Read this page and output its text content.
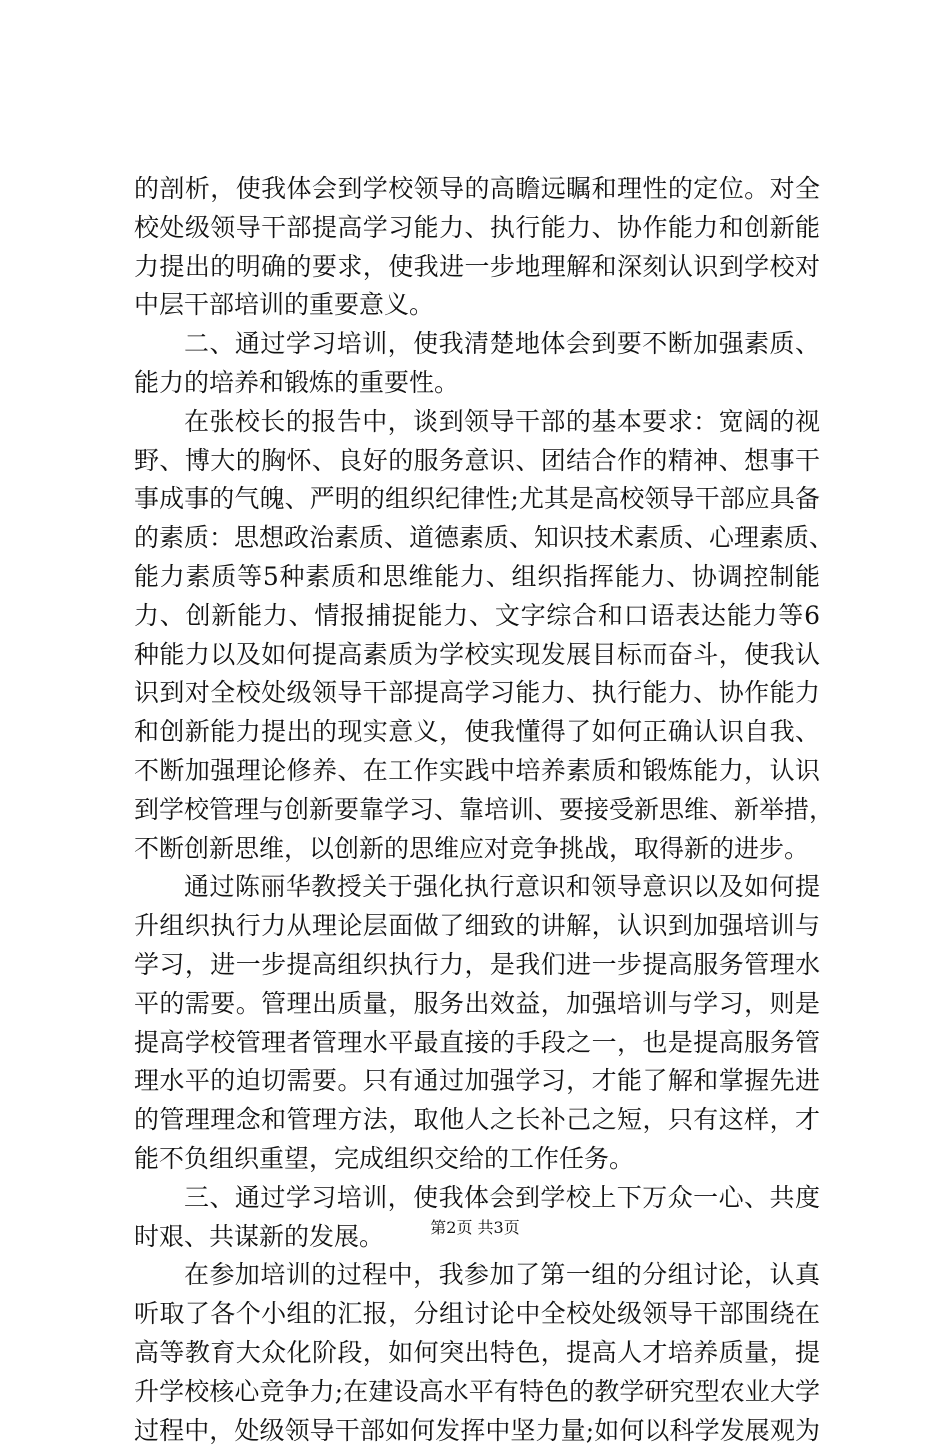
的剖析，使我体会到学校领导的高瞻远瞩和理性的定位。对全
校处级领导干部提高学习能力、执行能力、协作能力和创新能
力提出的明确的要求，使我进一步地理解和深刻认识到学校对
中层干部培训的重要意义。
二、通过学习培训，使我清楚地体会到要不断加强素质、
能力的培养和锻炼的重要性。
在张校长的报告中，谈到领导干部的基本要求：宽阔的视
野、博大的胸怀、良好的服务意识、团结合作的精神、想事干
事成事的气魄、严明的组织纪律性;尤其是高校领导干部应具备
的素质：思想政治素质、道德素质、知识技术素质、心理素质、
能力素质等5种素质和思维能力、组织指挥能力、协调控制能
力、创新能力、情报捕捉能力、文字综合和口语表达能力等6
种能力以及如何提高素质为学校实现发展目标而奋斗，使我认
识到对全校处级领导干部提高学习能力、执行能力、协作能力
和创新能力提出的现实意义，使我懂得了如何正确认识自我、
不断加强理论修养、在工作实践中培养素质和锻炼能力，认识
到学校管理与创新要靠学习、靠培训、要接受新思维、新举措，
不断创新思维，以创新的思维应对竞争挑战，取得新的进步。
通过陈丽华教授关于强化执行意识和领导意识以及如何提
升组织执行力从理论层面做了细致的讲解，认识到加强培训与
学习，进一步提高组织执行力，是我们进一步提高服务管理水
平的需要。管理出质量，服务出效益，加强培训与学习，则是
提高学校管理者管理水平最直接的手段之一，也是提高服务管
理水平的迫切需要。只有通过加强学习，才能了解和掌握先进
的管理理念和管理方法，取他人之长补己之短，只有这样，才
能不负组织重望，完成组织交给的工作任务。
三、通过学习培训，使我体会到学校上下万众一心、共度
时艰、共谋新的发展。
在参加培训的过程中，我参加了第一组的分组讨论，认真
听取了各个小组的汇报，分组讨论中全校处级领导干部围绕在
高等教育大众化阶段，如何突出特色，提高人才培养质量，提
升学校核心竞争力;在建设高水平有特色的教学研究型农业大学
过程中，处级领导干部如何发挥中坚力量;如何以科学发展观为
第2页 共3页
